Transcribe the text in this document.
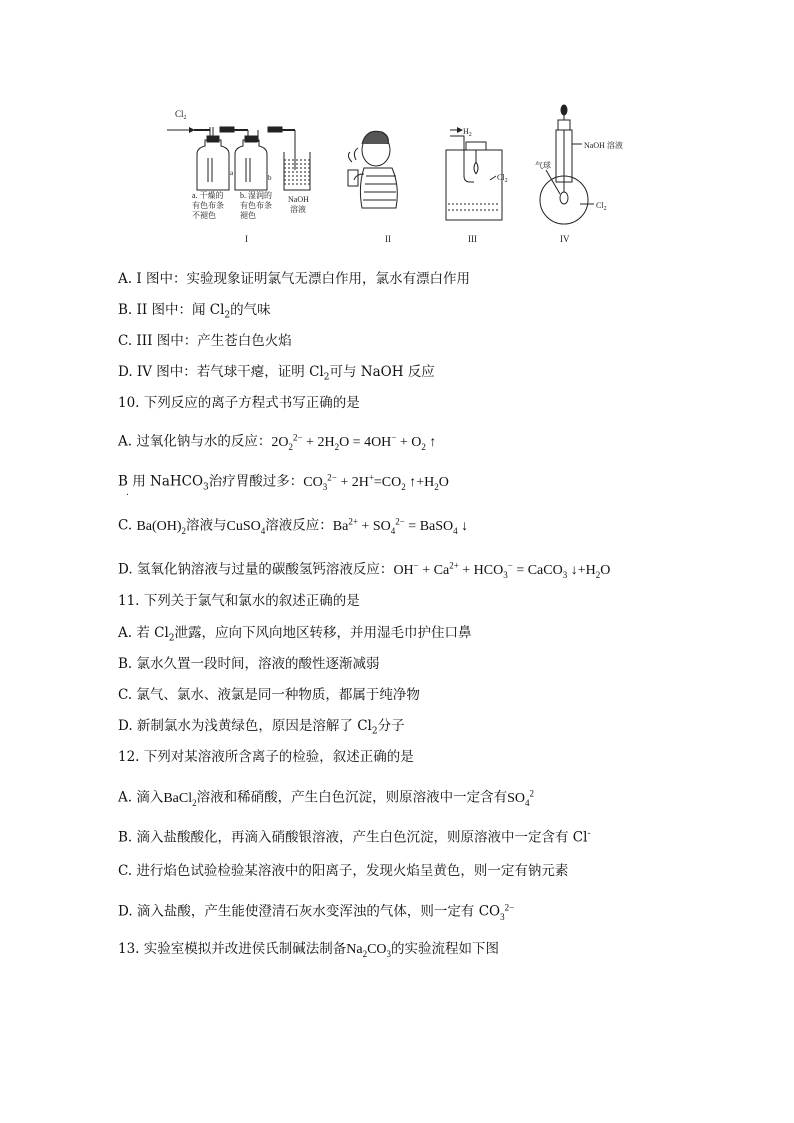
$Cl_2$
a
b
a. 干燥的
有色布条
不褪色
b. 湿润的
有色布条
褪色
NaOH
溶液
I	II
$H_2$
$Cl_2$
III
NaOH 溶液
气球
$Cl_2$
IV
A. I 图中：实验现象证明氯气无漂白作用，氯水有漂白作用
B. II 图中：闻 $Cl_2$的气味
C. III 图中：产生苍白色火焰
D. IV 图中：若气球干瘪，证明 $Cl_2$可与 NaOH 反应
10. 下列反应的离子方程式书写正确的是
A. 过氧化钠与水的反应：$2O_2^{2-} + 2H_2O = 4OH^- + O_2$ ↑
B 用 NaHCO$_3$治疗胃酸过多：$CO_3^{2-} + 2H^+=CO_2$ $↑+H_2O$
.
C. $Ba(OH)_2$溶液与CuSO$_4$溶液反应：$Ba^{2+} + SO_4^{2-}$ = BaSO$_4$ ↓
D. 氢氧化钠溶液与过量的碳酸氢钙溶液反应：$OH^- + Ca^{2+} + HCO_3^-$ = CaCO$_3$ $↓+H_2O$
11. 下列关于氯气和氯水的叙述正确的是
A. 若 $Cl_2$泄露，应向下风向地区转移，并用湿毛巾护住口鼻
B. 氯水久置一段时间，溶液的酸性逐渐减弱
C. 氯气、氯水、液氯是同一种物质，都属于纯净物
D. 新制氯水为浅黄绿色，原因是溶解了 $Cl_2$分子
12. 下列对某溶液所含离子的检验，叙述正确的是
A. 滴入BaCl$_2$溶液和稀硝酸，产生白色沉淀，则原溶液中一定含有$SO_4^2$
B. 滴入盐酸酸化，再滴入硝酸银溶液，产生白色沉淀，则原溶液中一定含有 Cl-
C. 进行焰色试验检验某溶液中的阳离子，发现火焰呈黄色，则一定有钠元素
D. 滴入盐酸，产生能使澄清石灰水变浑浊的气体，则一定有 $CO_3^{2-}$
13. 实验室模拟并改进侯氏制碱法制备$Na_2CO_3$的实验流程如下图
